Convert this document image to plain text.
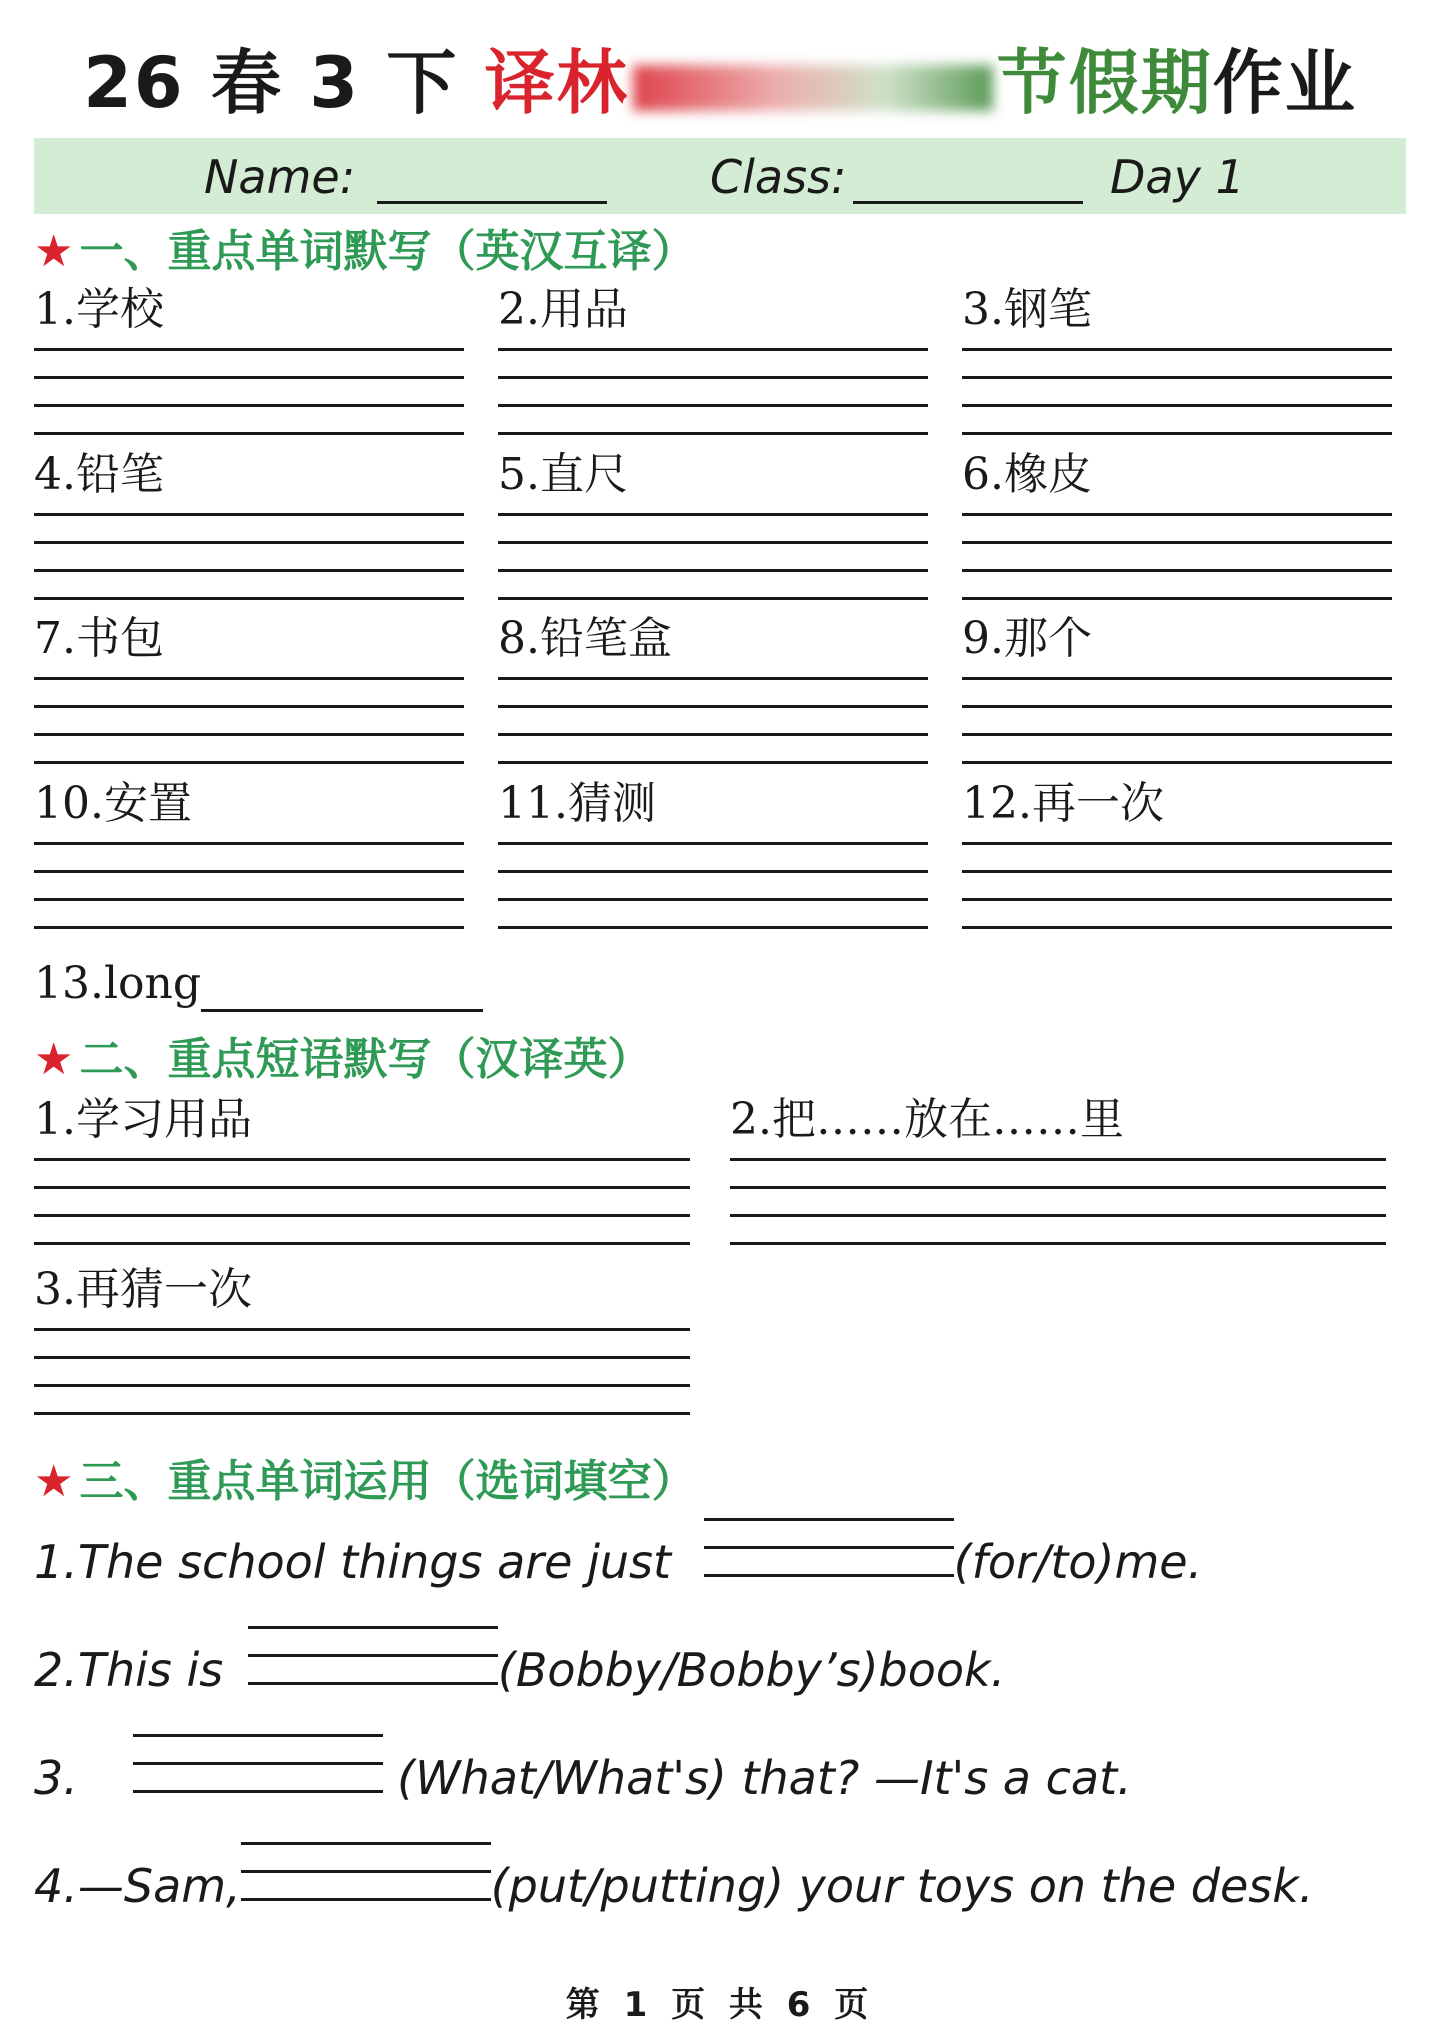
26 春 3 下 译林	节假期作业
Name:	Class:	Day 1
★ 一、重点单词默写（英汉互译）
1.学校	2.用品	3.钢笔
4.铅笔	5.直尺	6.橡皮
7.书包	8.铅笔盒	9.那个
10.安置	11.猜测	12.再一次
13.long
★ 二、重点短语默写（汉译英）
1.学习用品	2.把……放在……里
3.再猜一次
★ 三、重点单词运用（选词填空）
1.The school things are just	(for/to)me.
2.This is	(Bobby/Bobby’s)book.
3.	(What/What's) that? —It's a cat.
4.—Sam,	(put/putting) your toys on the desk.
第 1 页 共 6 页
